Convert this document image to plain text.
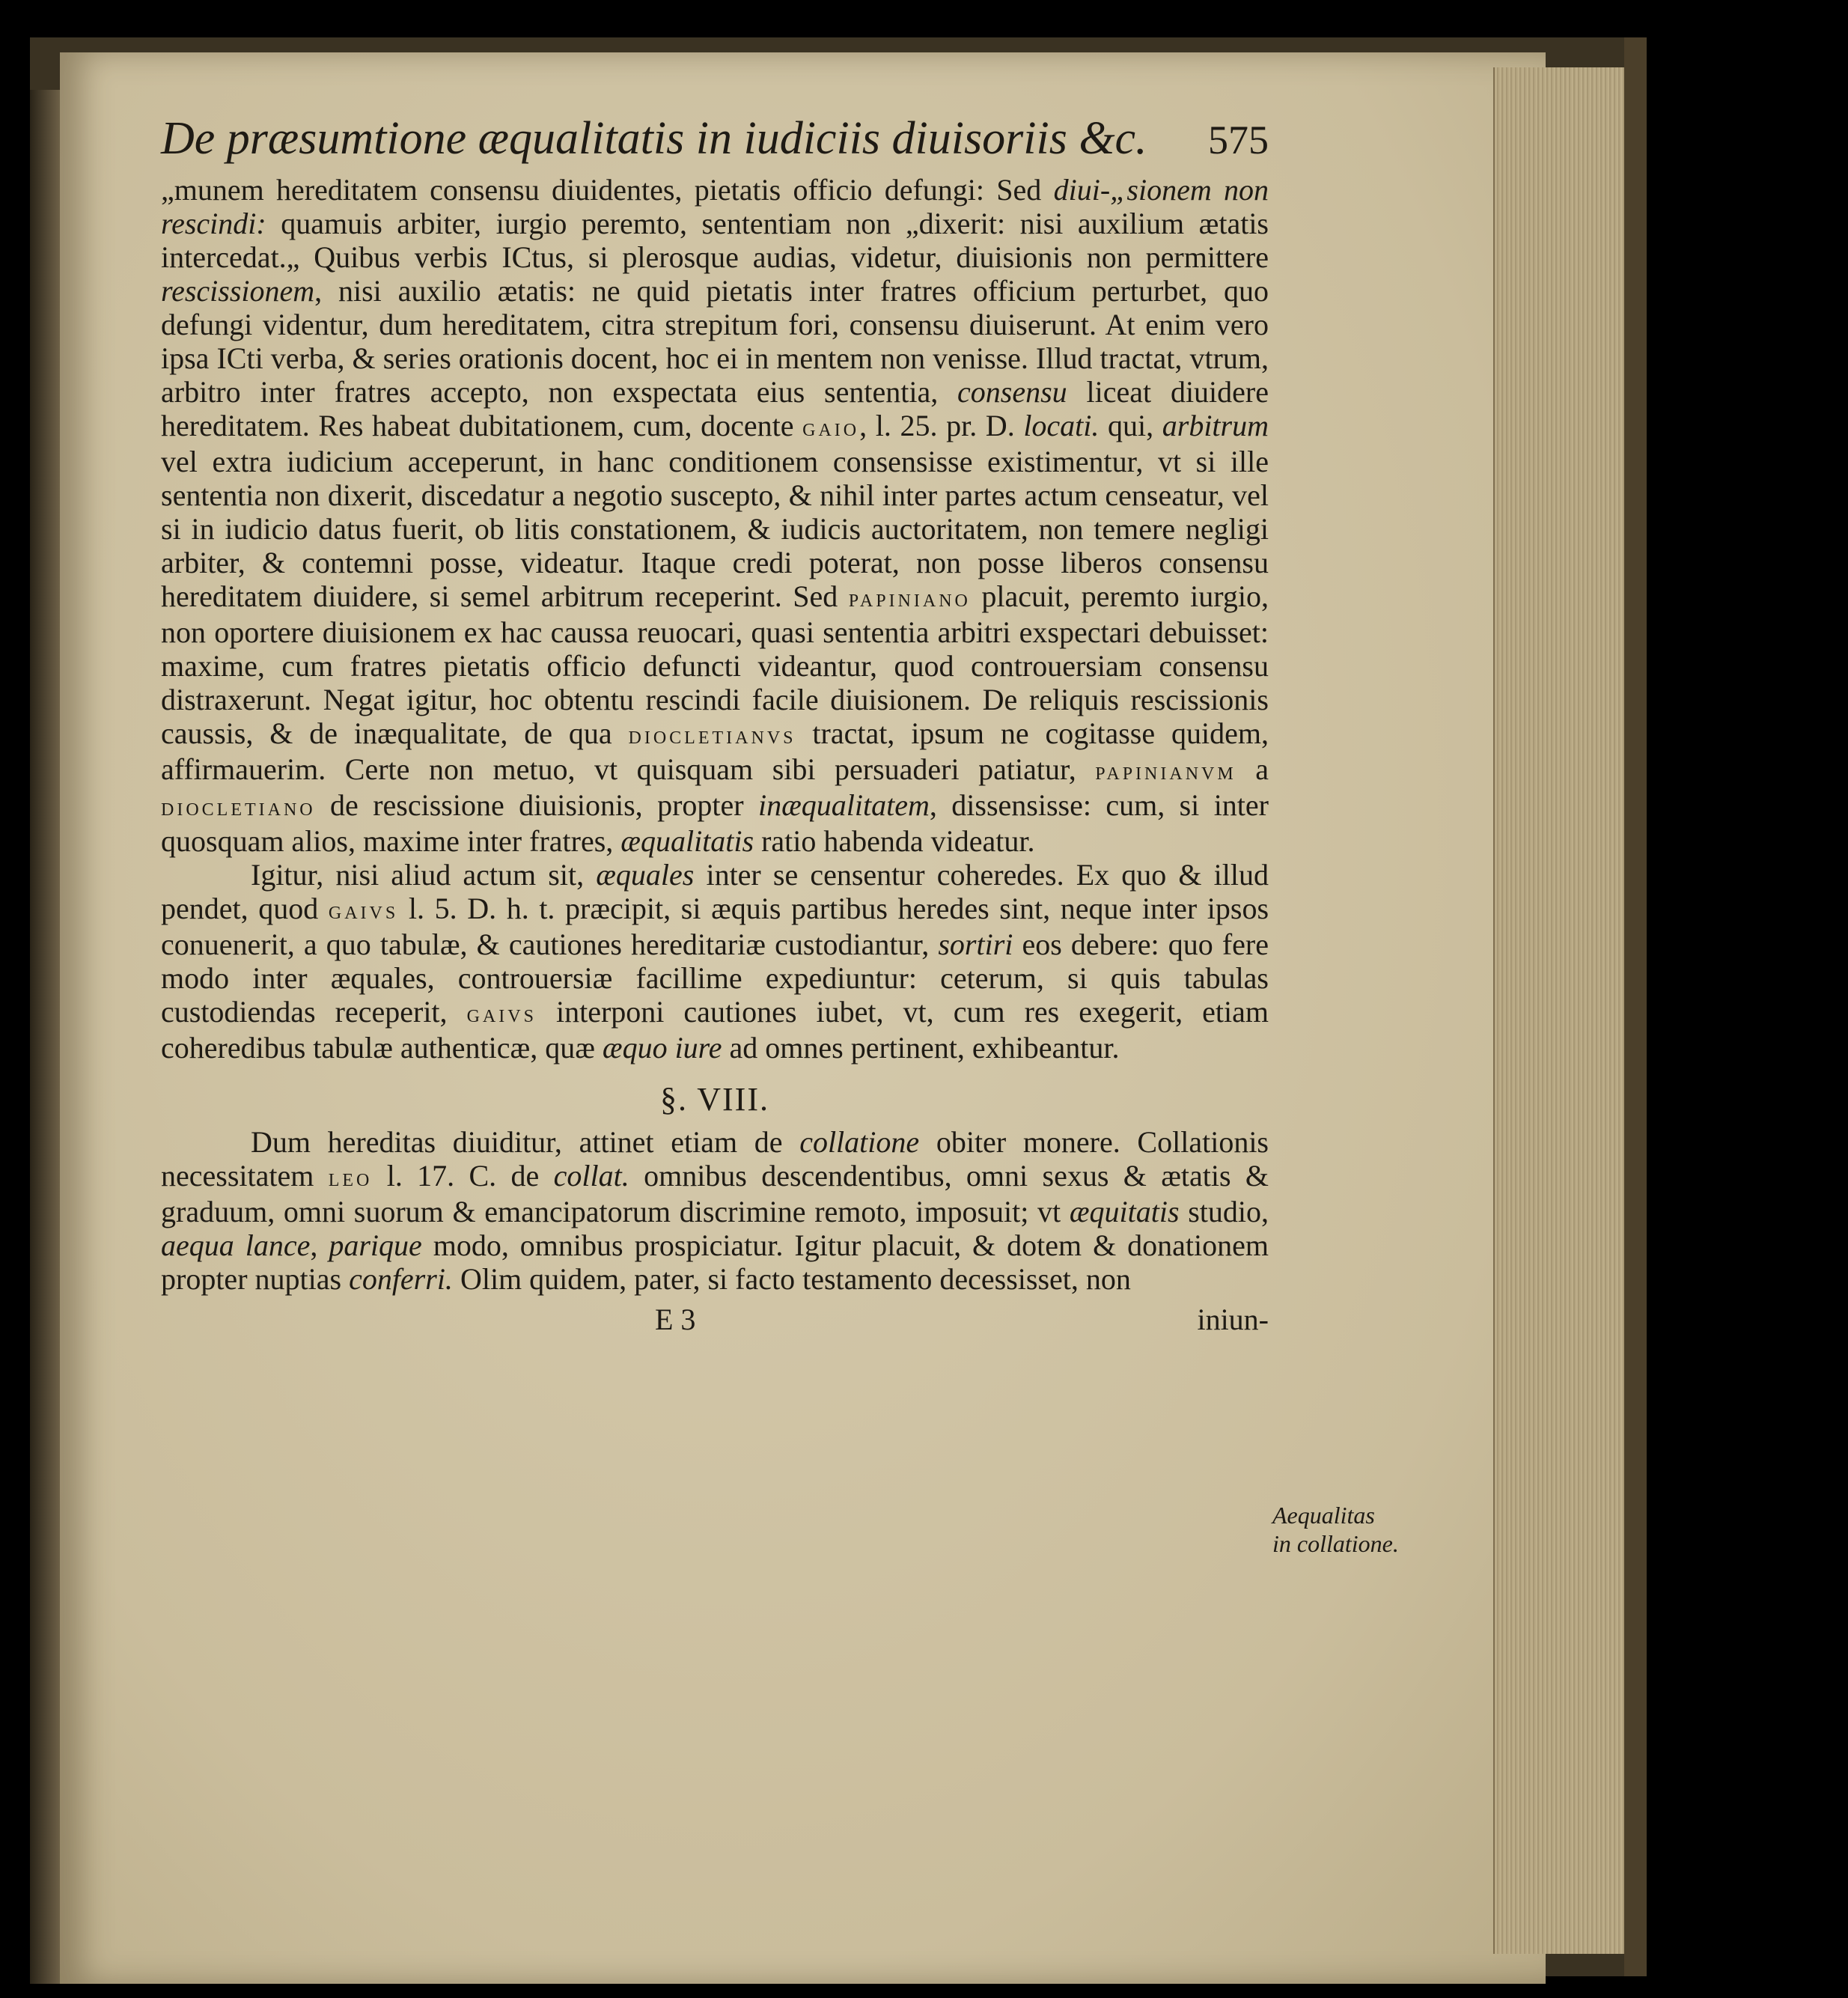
De præsumtione æqualitatis in iudiciis diuisoriis &c. 575

„munem hereditatem consensu diuidentes, pietatis officio defungi: Sed diui-„sionem non rescindi: quamuis arbiter, iurgio peremto, sententiam non „dixerit: nisi auxilium ætatis intercedat.„ Quibus verbis ICtus, si plerosque audias, videtur, diuisionis non permittere rescissionem, nisi auxilio ætatis: ne quid pietatis inter fratres officium perturbet, quo defungi videntur, dum hereditatem, citra strepitum fori, consensu diuiserunt. At enim vero ipsa ICti verba, & series orationis docent, hoc ei in mentem non venisse. Illud tractat, vtrum, arbitro inter fratres accepto, non exspectata eius sententia, consensu liceat diuidere hereditatem. Res habeat dubitationem, cum, docente gaio, l. 25. pr. D. locati. qui, arbitrum vel extra iudicium acceperunt, in hanc conditionem consensisse existimentur, vt si ille sententia non dixerit, discedatur a negotio suscepto, & nihil inter partes actum censeatur, vel si in iudicio datus fuerit, ob litis constationem, & iudicis auctoritatem, non temere negligi arbiter, & contemni posse, videatur. Itaque credi poterat, non posse liberos consensu hereditatem diuidere, si semel arbitrum receperint. Sed papiniano placuit, peremto iurgio, non oportere diuisionem ex hac caussa reuocari, quasi sententia arbitri exspectari debuisset: maxime, cum fratres pietatis officio defuncti videantur, quod controuersiam consensu distraxerunt. Negat igitur, hoc obtentu rescindi facile diuisionem. De reliquis rescissionis caussis, & de inæqualitate, de qua diocletianvs tractat, ipsum ne cogitasse quidem, affirmauerim. Certe non metuo, vt quisquam sibi persuaderi patiatur, papinianvm a diocletiano de rescissione diuisionis, propter inæqualitatem, dissensisse: cum, si inter quosquam alios, maxime inter fratres, æqualitatis ratio habenda videatur.

Igitur, nisi aliud actum sit, æquales inter se censentur coheredes. Ex quo & illud pendet, quod gaivs l. 5. D. h. t. præcipit, si æquis partibus heredes sint, neque inter ipsos conuenerit, a quo tabulæ, & cautiones hereditariæ custodiantur, sortiri eos debere: quo fere modo inter æquales, controuersiæ facillime expediuntur: ceterum, si quis tabulas custodiendas receperit, gaivs interponi cautiones iubet, vt, cum res exegerit, etiam coheredibus tabulæ authenticæ, quæ æquo iure ad omnes pertinent, exhibeantur.

§. VIII.

Dum hereditas diuiditur, attinet etiam de collatione obiter monere. Collationis necessitatem leo l. 17. C. de collat. omnibus descendentibus, omni sexus & ætatis & graduum, omni suorum & emancipatorum discrimine remoto, imposuit; vt æquitatis studio, aequa lance, parique modo, omnibus prospiciatur. Igitur placuit, & dotem & donationem propter nuptias conferri. Olim quidem, pater, si facto testamento decessisset, non

E 3	iniun-
Aequalitas
in collatione.
